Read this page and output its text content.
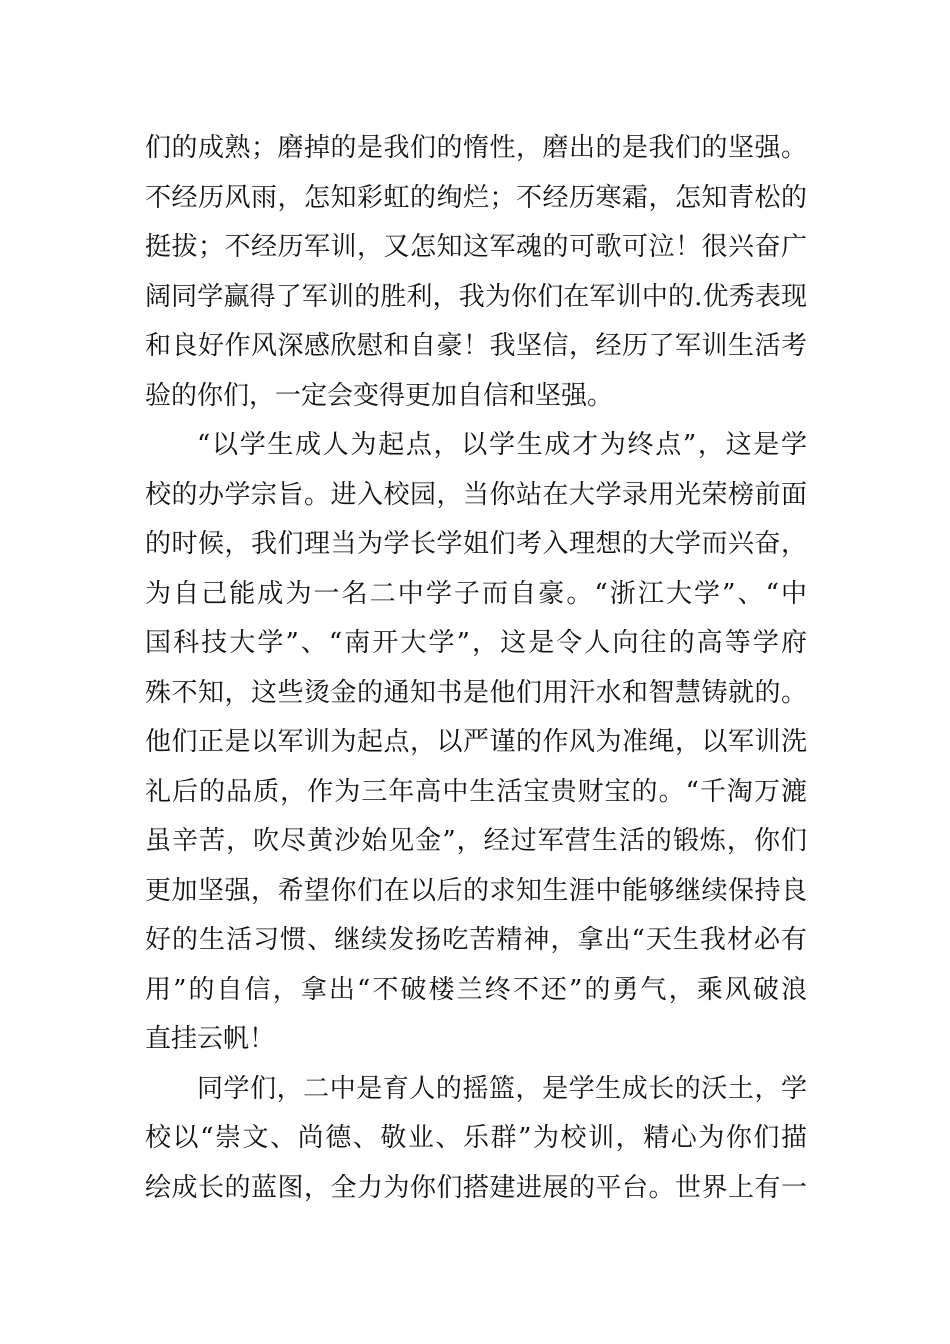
们的成熟；磨掉的是我们的惰性，磨出的是我们的坚强。
不经历风雨，怎知彩虹的绚烂；不经历寒霜，怎知青松的
挺拔；不经历军训，又怎知这军魂的可歌可泣！很兴奋广
阔同学赢得了军训的胜利，我为你们在军训中的.优秀表现
和良好作风深感欣慰和自豪！我坚信，经历了军训生活考
验的你们，一定会变得更加自信和坚强。
“以学生成人为起点，以学生成才为终点”，这是学
校的办学宗旨。进入校园，当你站在大学录用光荣榜前面
的时候，我们理当为学长学姐们考入理想的大学而兴奋，
为自己能成为一名二中学子而自豪。“浙江大学”、“中
国科技大学”、“南开大学”，这是令人向往的高等学府
殊不知，这些烫金的通知书是他们用汗水和智慧铸就的。
他们正是以军训为起点，以严谨的作风为准绳，以军训洗
礼后的品质，作为三年高中生活宝贵财宝的。“千淘万漉
虽辛苦，吹尽黄沙始见金”，经过军营生活的锻炼，你们
更加坚强，希望你们在以后的求知生涯中能够继续保持良
好的生活习惯、继续发扬吃苦精神，拿出“天生我材必有
用”的自信，拿出“不破楼兰终不还”的勇气，乘风破浪
直挂云帆！
同学们，二中是育人的摇篮，是学生成长的沃土，学
校以“崇文、尚德、敬业、乐群”为校训，精心为你们描
绘成长的蓝图，全力为你们搭建进展的平台。世界上有一
